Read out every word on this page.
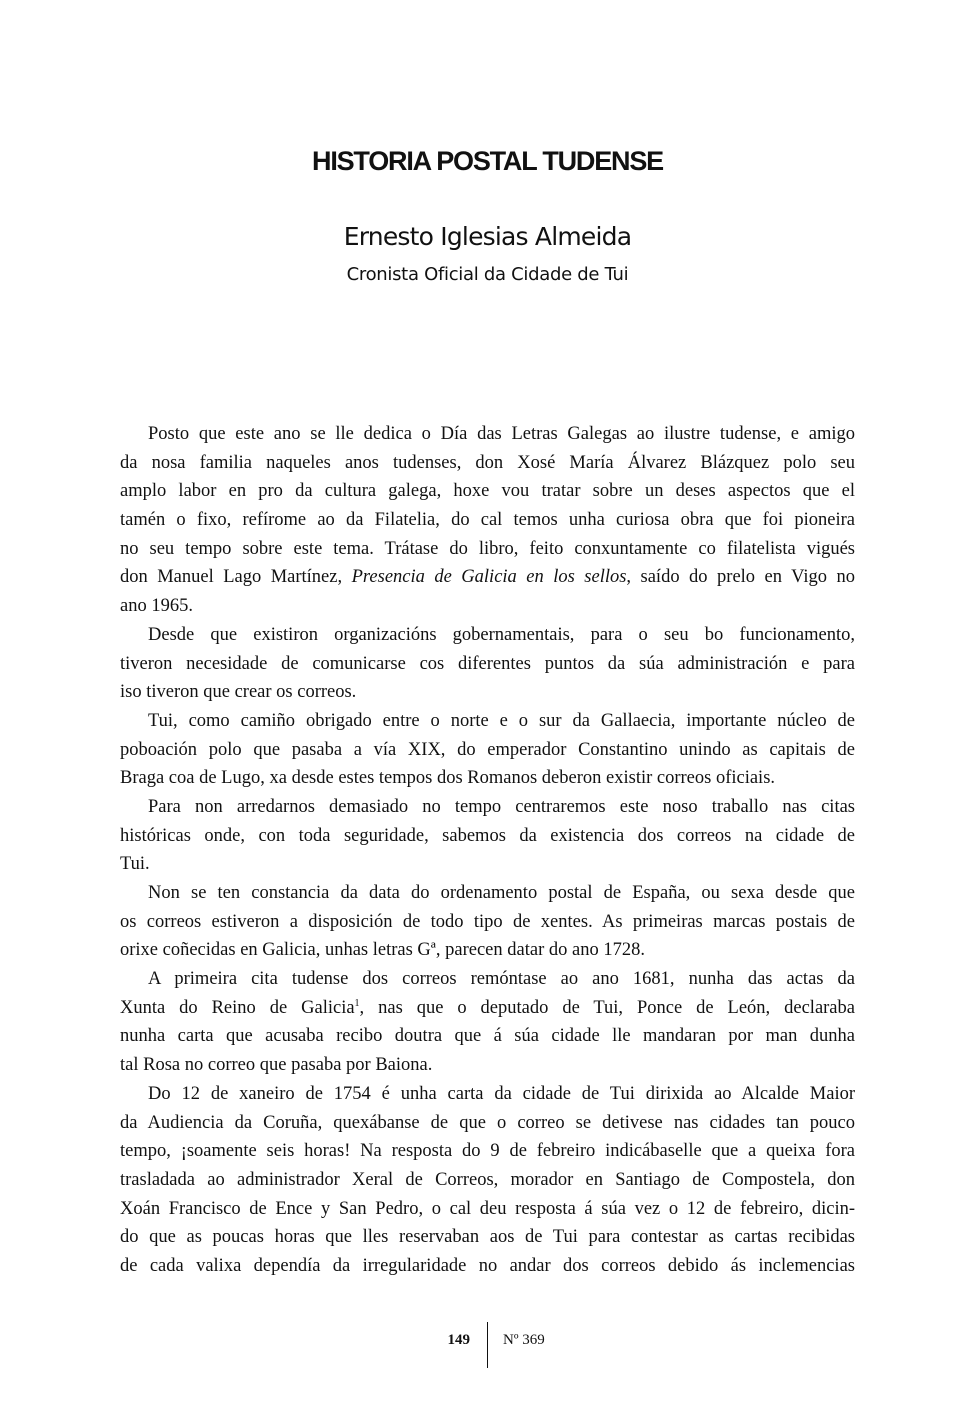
HISTORIA POSTAL TUDENSE
Ernesto Iglesias Almeida
Cronista Oficial da Cidade de Tui
Posto que este ano se lle dedica o Día das Letras Galegas ao ilustre tudense, e amigo
da nosa familia naqueles anos tudenses, don Xosé María Álvarez Blázquez polo seu
amplo labor en pro da cultura galega, hoxe vou tratar sobre un deses aspectos que el
tamén o fixo, refírome ao da Filatelia, do cal temos unha curiosa obra que foi pioneira
no seu tempo sobre este tema. Trátase do libro, feito conxuntamente co filatelista vigués
don Manuel Lago Martínez, Presencia de Galicia en los sellos, saído do prelo en Vigo no
ano 1965.
Desde que existiron organizacións gobernamentais, para o seu bo funcionamento,
tiveron necesidade de comunicarse cos diferentes puntos da súa administración e para
iso tiveron que crear os correos.
Tui, como camiño obrigado entre o norte e o sur da Gallaecia, importante núcleo de
poboación polo que pasaba a vía XIX, do emperador Constantino unindo as capitais de
Braga coa de Lugo, xa desde estes tempos dos Romanos deberon existir correos oficiais.
Para non arredarnos demasiado no tempo centraremos este noso traballo nas citas
históricas onde, con toda seguridade, sabemos da existencia dos correos na cidade de
Tui.
Non se ten constancia da data do ordenamento postal de España, ou sexa desde que
os correos estiveron a disposición de todo tipo de xentes. As primeiras marcas postais de
orixe coñecidas en Galicia, unhas letras Gª, parecen datar do ano 1728.
A primeira cita tudense dos correos remóntase ao ano 1681, nunha das actas da
Xunta do Reino de Galicia$^1$, nas que o deputado de Tui, Ponce de León, declaraba
nunha carta que acusaba recibo doutra que á súa cidade lle mandaran por man dunha
tal Rosa no correo que pasaba por Baiona.
Do 12 de xaneiro de 1754 é unha carta da cidade de Tui dirixida ao Alcalde Maior
da Audiencia da Coruña, quexábanse de que o correo se detivese nas cidades tan pouco
tempo, ¡soamente seis horas! Na resposta do 9 de febreiro indicábaselle que a queixa fora
trasladada ao administrador Xeral de Correos, morador en Santiago de Compostela, don
Xoán Francisco de Ence y San Pedro, o cal deu resposta á súa vez o 12 de febreiro, dicin-
do que as poucas horas que lles reservaban aos de Tui para contestar as cartas recibidas
de cada valixa dependía da irregularidade no andar dos correos debido ás inclemencias
149 Nº 369
